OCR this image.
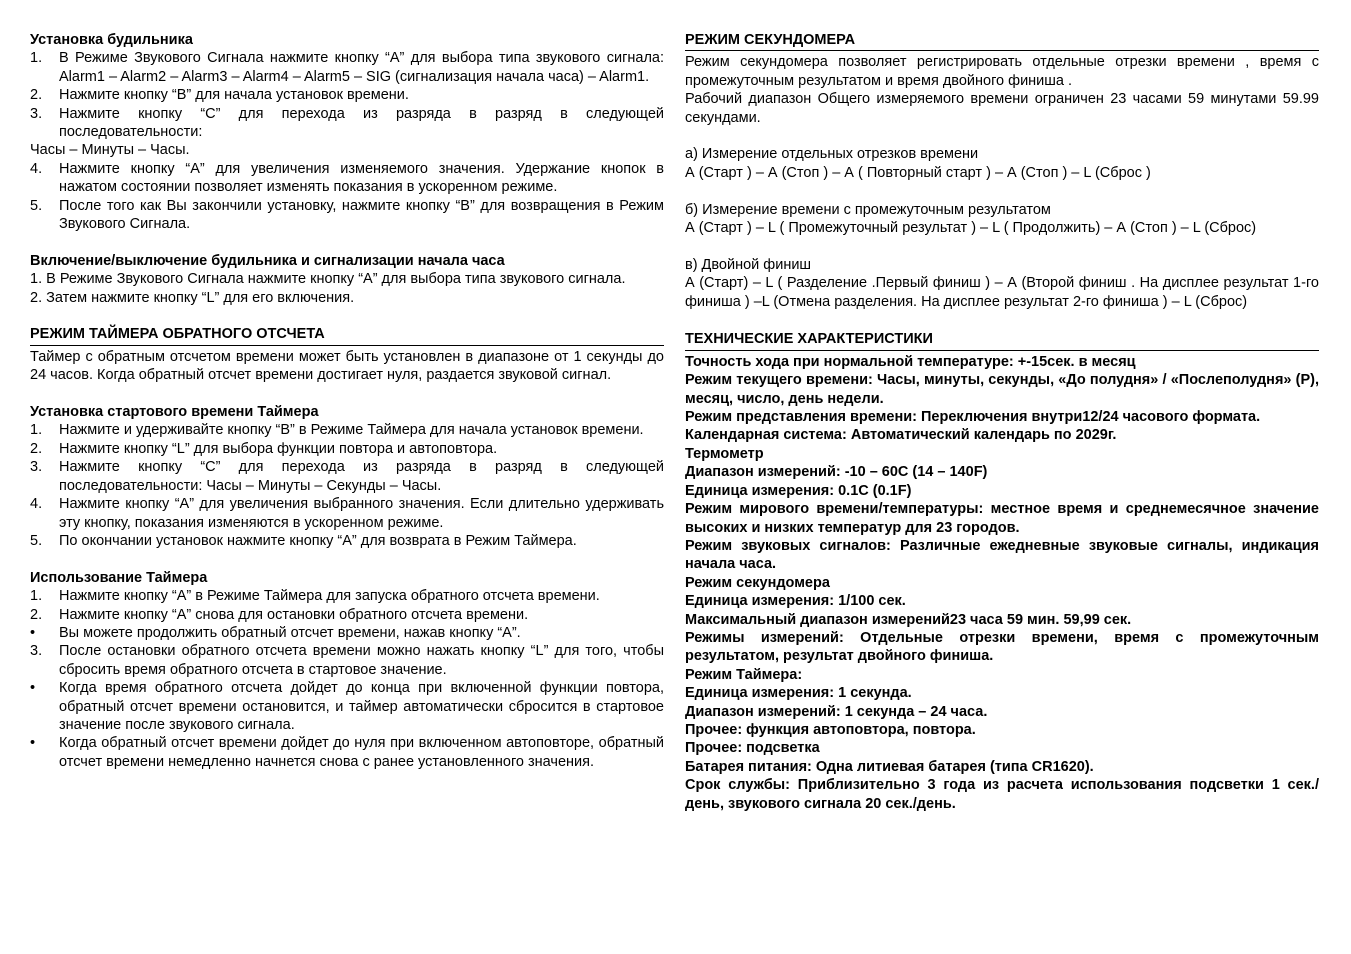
Установка будильника
1.	В Режиме Звукового Сигнала нажмите кнопку “А” для выбора типа звукового сигнала: Alarm1 – Alarm2 – Alarm3 – Alarm4 – Alarm5 – SIG (сигнализация начала часа) – Alarm1.
2.	Нажмите кнопку “В” для начала установок времени.
3.	Нажмите кнопку “С” для перехода из разряда в разряд в следующей последовательности:
Часы – Минуты – Часы.
4.	Нажмите кнопку “А” для увеличения изменяемого значения. Удержание кнопок в нажатом состоянии позволяет изменять показания в ускоренном режиме.
5.	После того как Вы закончили установку, нажмите кнопку “В” для возвращения в Режим Звукового Сигнала.
Включение/выключение будильника и сигнализации начала часа
1. В Режиме Звукового Сигнала нажмите кнопку “А” для выбора типа звукового сигнала.
2. Затем нажмите кнопку “L” для его включения.
РЕЖИМ ТАЙМЕРА ОБРАТНОГО ОТСЧЕТА
Таймер с обратным отсчетом времени может быть установлен в диапазоне от 1 секунды до 24 часов. Когда обратный отсчет времени достигает нуля, раздается звуковой сигнал.
Установка стартового времени Таймера
1.	Нажмите и удерживайте кнопку “В” в Режиме Таймера для начала установок времени.
2.	Нажмите кнопку “L” для выбора функции повтора и автоповтора.
3.	Нажмите кнопку “С” для перехода из разряда в разряд в следующей последовательности: Часы – Минуты – Секунды – Часы.
4.	Нажмите кнопку “А” для увеличения выбранного значения. Если длительно удерживать эту кнопку, показания изменяются в ускоренном режиме.
5.	По окончании установок нажмите кнопку “А” для возврата в Режим Таймера.
Использование Таймера
1.	Нажмите кнопку “А” в Режиме Таймера для запуска обратного отсчета времени.
2.	Нажмите кнопку “А” снова для остановки обратного отсчета времени.
•	Вы можете продолжить обратный отсчет времени, нажав кнопку “А”.
3.	После остановки обратного отсчета времени можно нажать кнопку “L” для того, чтобы сбросить время обратного отсчета в стартовое значение.
•	Когда время обратного отсчета дойдет до конца при включенной функции повтора, обратный отсчет времени остановится, и таймер автоматически сбросится в стартовое значение после звукового сигнала.
•	Когда обратный отсчет времени дойдет до нуля при включенном автоповторе, обратный отсчет времени немедленно начнется снова с ранее установленного значения.
РЕЖИМ СЕКУНДОМЕРА
Режим секундомера позволяет регистрировать отдельные отрезки времени , время с промежуточным результатом и время двойного финиша .
Рабочий диапазон Общего измеряемого времени ограничен 23 часами 59 минутами 59.99 секундами.
а) Измерение отдельных отрезков времени
А (Старт ) – А (Стоп ) – А ( Повторный старт ) – А (Стоп ) – L (Сброс )
б) Измерение времени с промежуточным результатом
А (Старт ) – L ( Промежуточный результат ) – L ( Продолжить) – А (Стоп ) – L (Сброс)
в) Двойной финиш
А (Старт) – L ( Разделение .Первый финиш ) – А (Второй финиш . На дисплее результат 1-го финиша ) –L (Отмена разделения. На дисплее результат 2-го финиша ) – L (Сброс)
ТЕХНИЧЕСКИЕ ХАРАКТЕРИСТИКИ
Точность хода при нормальной температуре: +-15сек. в месяц
Режим текущего времени: Часы, минуты, секунды, «До полудня» / «Послеполудня» (Р), месяц, число, день недели.
Режим представления времени: Переключения внутри12/24 часового формата.
Календарная система: Автоматический календарь по 2029г.
Термометр
Диапазон измерений: -10 – 60С (14 – 140F)
Единица измерения: 0.1С (0.1F)
Режим мирового времени/температуры: местное время и среднемесячное значение высоких и низких температур для 23 городов.
Режим звуковых сигналов: Различные ежедневные звуковые сигналы, индикация начала часа.
Режим секундомера
Единица измерения: 1/100 сек.
Максимальный диапазон измерений23 часа 59 мин. 59,99 сек.
Режимы измерений: Отдельные отрезки времени, время с промежуточным результатом, результат двойного финиша.
Режим Таймера:
Единица измерения: 1 секунда.
Диапазон измерений: 1 секунда – 24 часа.
Прочее: функция автоповтора, повтора.
Прочее: подсветка
Батарея питания: Одна литиевая батарея (типа CR1620).
Срок службы: Приблизительно 3 года из расчета использования подсветки 1 сек./день, звукового сигнала 20 сек./день.
